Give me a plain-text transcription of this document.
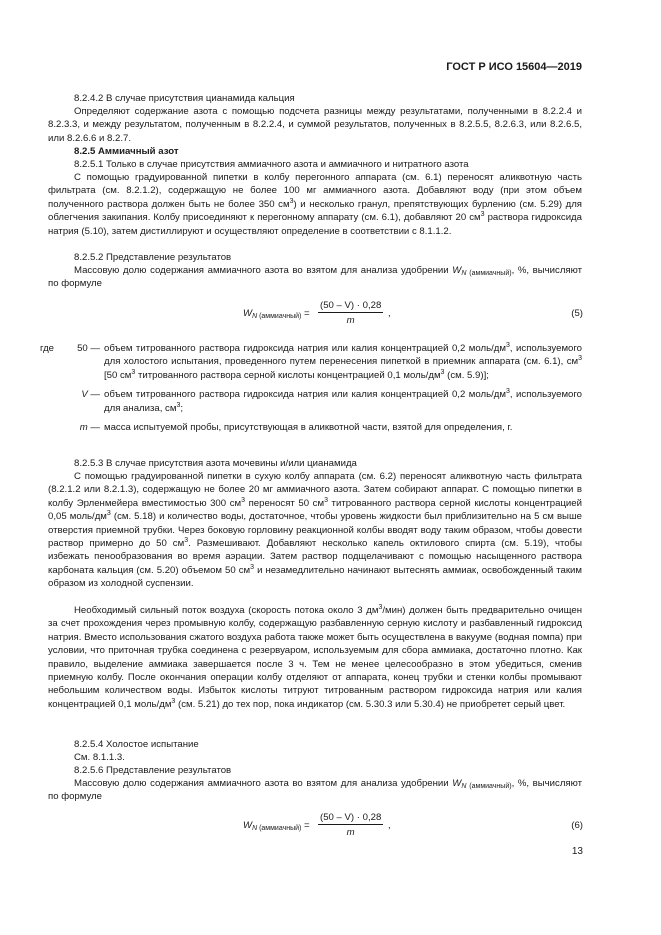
ГОСТ Р ИСО 15604—2019

8.2.4.2 В случае присутствия цианамида кальция

Определяют содержание азота с помощью подсчета разницы между результатами, полученными в 8.2.2.4 и 8.2.3.3, и между результатом, полученным в 8.2.2.4, и суммой результатов, полученных в 8.2.5.5, 8.2.6.3, или 8.2.6.5, или 8.2.6.6 и 8.2.7.

8.2.5 Аммиачный азот

8.2.5.1 Только в случае присутствия аммиачного азота и аммиачного и нитратного азота

С помощью градуированной пипетки в колбу перегонного аппарата (см. 6.1) переносят аликвотную часть фильтрата (см. 8.2.1.2), содержащую не более 100 мг аммиачного азота. Добавляют воду (при этом объем полученного раствора должен быть не более 350 $см^3$) и несколько гранул, препятствующих бурлению (см. 5.29) для облегчения закипания. Колбу присоединяют к перегонному аппарату (см. 6.1), добавляют 20 $см^3$ раствора гидроксида натрия (5.10), затем дистиллируют и осуществляют определение в соответствии с 8.1.1.2.

8.2.5.2 Представление результатов

Массовую долю содержания аммиачного азота во взятом для анализа удобрении $W_{N (аммиачный)}$, %, вычисляют по формуле

$W_{N (аммиачный)} = \frac{(50 - V) \cdot 0,28}{m}$ ,	(5)
где	50 — объем титрованного раствора гидроксида натрия или калия концентрацией 0,2 моль/$дм^3$, используемого для холостого испытания, проведенного путем перенесения пипеткой в приемник аппарата (см. 6.1), $см^3$ [50 $см^3$ титрованного раствора серной кислоты концентрацией 0,1 моль/$дм^3$ (см. 5.9)];
V — объем титрованного раствора гидроксида натрия или калия концентрацией 0,2 моль/$дм^3$, используемого для анализа, $см^3$;
m — масса испытуемой пробы, присутствующая в аликвотной части, взятой для определения, г.

8.2.5.3 В случае присутствия азота мочевины и/или цианамида

С помощью градуированной пипетки в сухую колбу аппарата (см. 6.2) переносят аликвотную часть фильтрата (8.2.1.2 или 8.2.1.3), содержащую не более 20 мг аммиачного азота. Затем собирают аппарат. С помощью пипетки в колбу Эрленмейера вместимостью 300 $см^3$ переносят 50 $см^3$ титрованного раствора серной кислоты концентрацией 0,05 моль/$дм^3$ (см. 5.18) и количество воды, достаточное, чтобы уровень жидкости был приблизительно на 5 см выше отверстия приемной трубки. Через боковую горловину реакционной колбы вводят воду таким образом, чтобы довести раствор примерно до 50 $см^3$. Размешивают. Добавляют несколько капель октилового спирта (см. 5.19), чтобы избежать пенообразования во время аэрации. Затем раствор подщелачивают с помощью насыщенного раствора карбоната кальция (см. 5.20) объемом 50 $см^3$ и незамедлительно начинают вытеснять аммиак, освобожденный таким образом из холодной суспензии.

Необходимый сильный поток воздуха (скорость потока около 3 $дм^3/мин$) должен быть предварительно очищен за счет прохождения через промывную колбу, содержащую разбавленную серную кислоту и разбавленный гидроксид натрия. Вместо использования сжатого воздуха работа также может быть осуществлена в вакууме (водная помпа) при условии, что приточная трубка соединена с резервуаром, используемым для сбора аммиака, достаточно плотно. Как правило, выделение аммиака завершается после 3 ч. Тем не менее целесообразно в этом убедиться, сменив приемную колбу. После окончания операции колбу отделяют от аппарата, конец трубки и стенки колбы промывают небольшим количеством воды. Избыток кислоты титруют титрованным раствором гидроксида натрия или калия концентрацией 0,1 моль/$дм^3$ (см. 5.21) до тех пор, пока индикатор (см. 5.30.3 или 5.30.4) не приобретет серый цвет.

8.2.5.4 Холостое испытание

См. 8.1.1.3.

8.2.5.6 Представление результатов

Массовую долю содержания аммиачного азота во взятом для анализа удобрении $W_{N (аммиачный)}$, %, вычисляют по формуле

$W_{N (аммиачный)} = \frac{(50 - V) \cdot 0,28}{m}$ ,	(6)
13
